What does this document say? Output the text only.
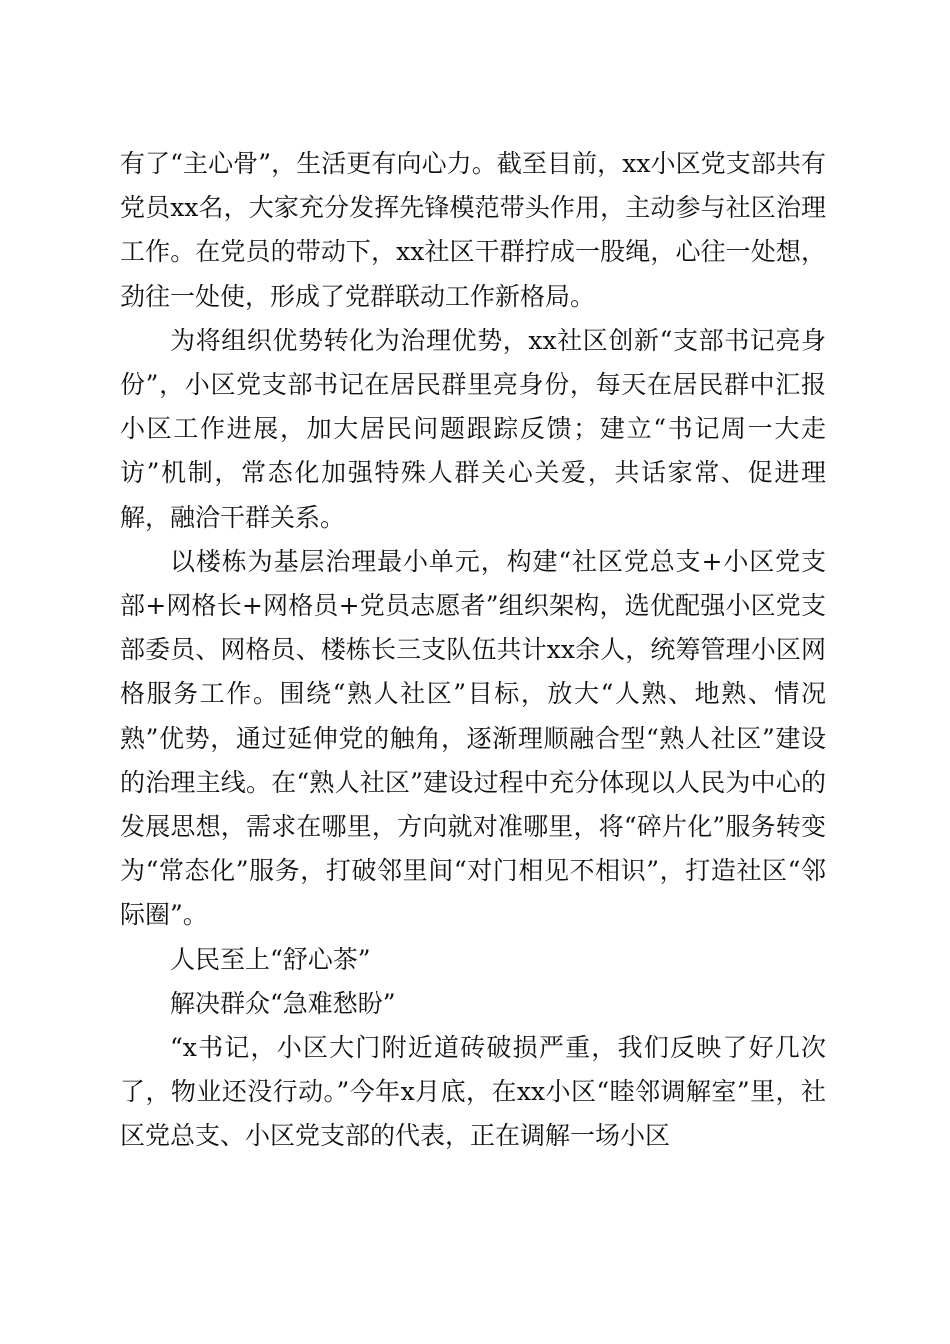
有了“主心骨”，生活更有向心力。截至目前，xx小区党支部共有党员xx名，大家充分发挥先锋模范带头作用，主动参与社区治理工作。在党员的带动下，xx社区干群拧成一股绳，心往一处想，劲往一处使，形成了党群联动工作新格局。

为将组织优势转化为治理优势，xx社区创新“支部书记亮身份”，小区党支部书记在居民群里亮身份，每天在居民群中汇报小区工作进展，加大居民问题跟踪反馈；建立“书记周一大走访”机制，常态化加强特殊人群关心关爱，共话家常、促进理解，融洽干群关系。

以楼栋为基层治理最小单元，构建“社区党总支+小区党支部+网格长+网格员+党员志愿者”组织架构，选优配强小区党支部委员、网格员、楼栋长三支队伍共计xx余人，统筹管理小区网格服务工作。围绕“熟人社区”目标，放大“人熟、地熟、情况熟”优势，通过延伸党的触角，逐渐理顺融合型“熟人社区”建设的治理主线。在“熟人社区”建设过程中充分体现以人民为中心的发展思想，需求在哪里，方向就对准哪里，将“碎片化”服务转变为“常态化”服务，打破邻里间“对门相见不相识”，打造社区“邻际圈”。

人民至上“舒心茶”

解决群众“急难愁盼”

“x书记，小区大门附近道砖破损严重，我们反映了好几次了，物业还没行动。”今年x月底，在xx小区“睦邻调解室”里，社区党总支、小区党支部的代表，正在调解一场小区
